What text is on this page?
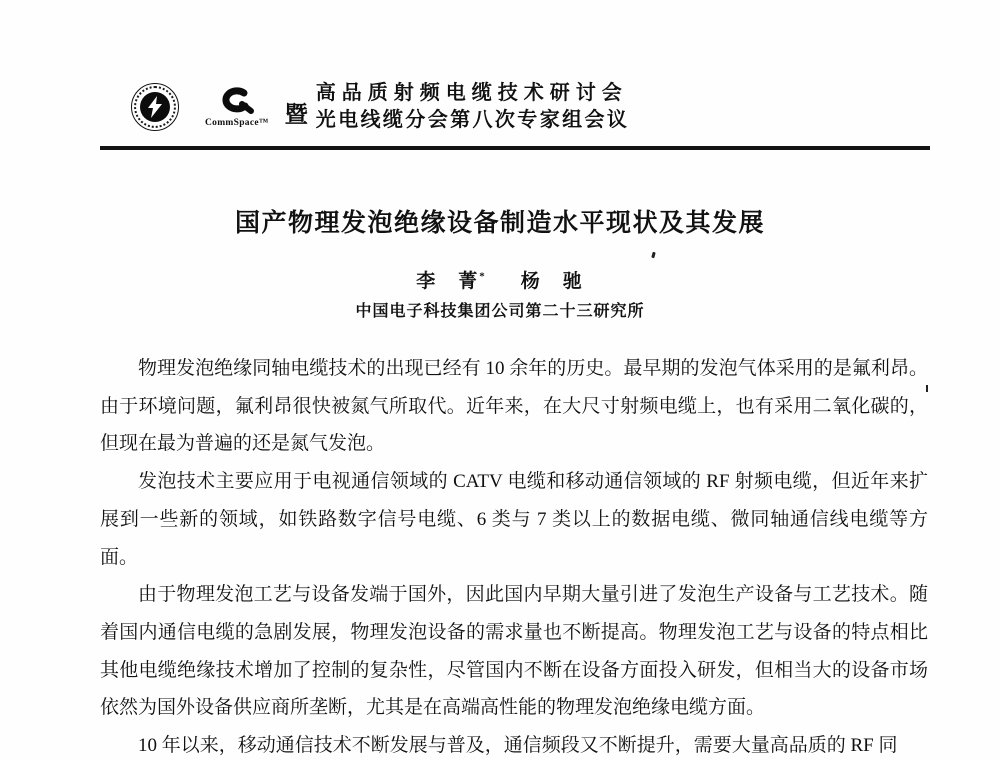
CommSpace™ 暨
高品质射频电缆技术研讨会
光电线缆分会第八次专家组会议
国产物理发泡绝缘设备制造水平现状及其发展
李　菁* 杨　驰
中国电子科技集团公司第二十三研究所

物理发泡绝缘同轴电缆技术的出现已经有 10 余年的历史。最早期的发泡气体采用的是氟利昂。由于环境问题，氟利昂很快被氮气所取代。近年来，在大尺寸射频电缆上，也有采用二氧化碳的，但现在最为普遍的还是氮气发泡。

发泡技术主要应用于电视通信领域的 CATV 电缆和移动通信领域的 RF 射频电缆，但近年来扩展到一些新的领域，如铁路数字信号电缆、6 类与 7 类以上的数据电缆、微同轴通信线电缆等方面。

由于物理发泡工艺与设备发端于国外，因此国内早期大量引进了发泡生产设备与工艺技术。随着国内通信电缆的急剧发展，物理发泡设备的需求量也不断提高。物理发泡工艺与设备的特点相比其他电缆绝缘技术增加了控制的复杂性，尽管国内不断在设备方面投入研发，但相当大的设备市场依然为国外设备供应商所垄断，尤其是在高端高性能的物理发泡绝缘电缆方面。

10 年以来，移动通信技术不断发展与普及，通信频段又不断提升，需要大量高品质的 RF 同
